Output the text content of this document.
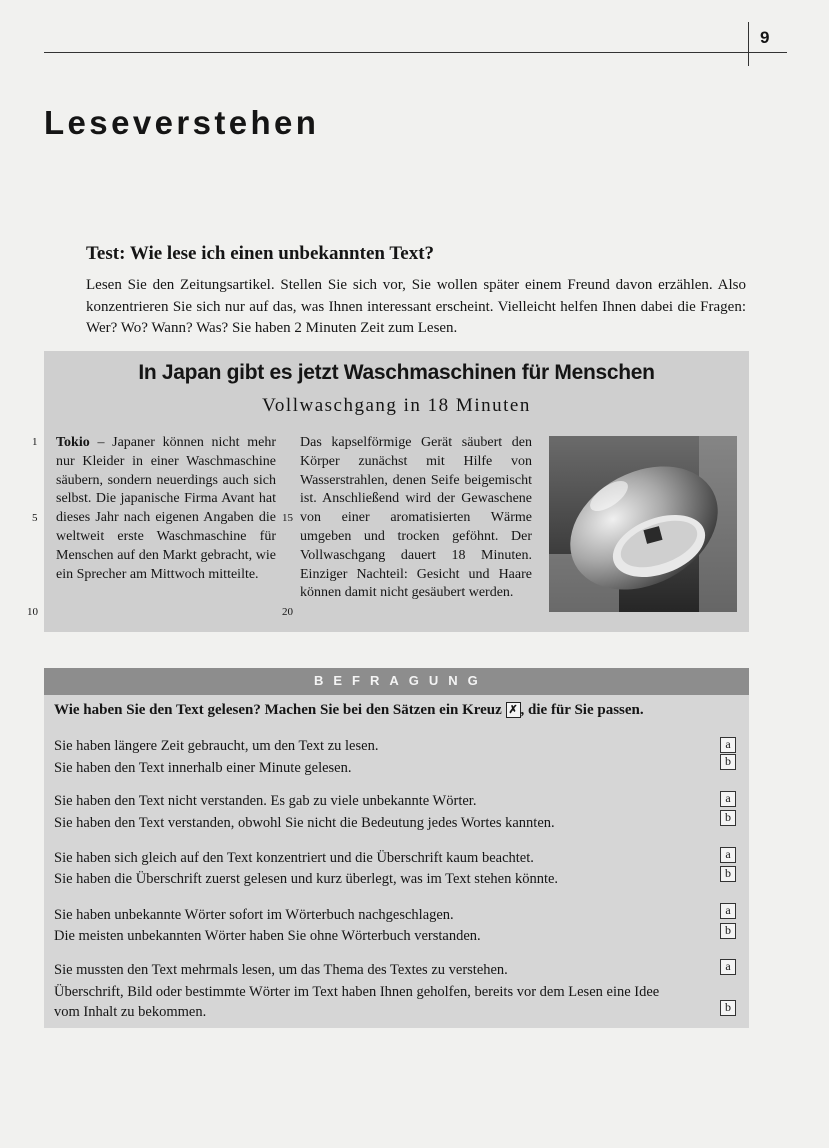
9
Leseverstehen
Test: Wie lese ich einen unbekannten Text?

Lesen Sie den Zeitungsartikel. Stellen Sie sich vor, Sie wollen später einem Freund davon erzählen. Also konzentrieren Sie sich nur auf das, was Ihnen interessant erscheint. Vielleicht helfen Ihnen dabei die Fragen: Wer? Wo? Wann? Was? Sie haben 2 Minuten Zeit zum Lesen.

In Japan gibt es jetzt Waschmaschinen für Menschen
Vollwaschgang in 18 Minuten
1
5
10
15
20

Tokio – Japaner können nicht mehr nur Kleider in einer Waschmaschine säubern, sondern neuerdings auch sich selbst. Die japanische Firma Avant hat dieses Jahr nach eigenen Angaben die weltweit erste Waschmaschine für Menschen auf den Markt gebracht, wie ein Sprecher am Mittwoch mitteilte.

Das kapselförmige Gerät säubert den Körper zunächst mit Hilfe von Wasserstrahlen, denen Seife beigemischt ist. Anschließend wird der Gewaschene von einer aromatisierten Wärme umgeben und trocken geföhnt. Der Vollwaschgang dauert 18 Minuten. Einziger Nachteil: Gesicht und Haare können damit nicht gesäubert werden.

BEFRAGUNG

Wie haben Sie den Text gelesen? Machen Sie bei den Sätzen ein Kreuz ✗ , die für Sie passen.

Sie haben längere Zeit gebraucht, um den Text zu lesen.	a

Sie haben den Text innerhalb einer Minute gelesen.	b

Sie haben den Text nicht verstanden. Es gab zu viele unbekannte Wörter.	a

Sie haben den Text verstanden, obwohl Sie nicht die Bedeutung jedes Wortes kannten.	b

Sie haben sich gleich auf den Text konzentriert und die Überschrift kaum beachtet.	a

Sie haben die Überschrift zuerst gelesen und kurz überlegt, was im Text stehen könnte.	b

Sie haben unbekannte Wörter sofort im Wörterbuch nachgeschlagen.	a

Die meisten unbekannten Wörter haben Sie ohne Wörterbuch verstanden.	b

Sie mussten den Text mehrmals lesen, um das Thema des Textes zu verstehen.	a

Überschrift, Bild oder bestimmte Wörter im Text haben Ihnen geholfen, bereits vor dem Lesen eine Idee vom Inhalt zu bekommen.	b
